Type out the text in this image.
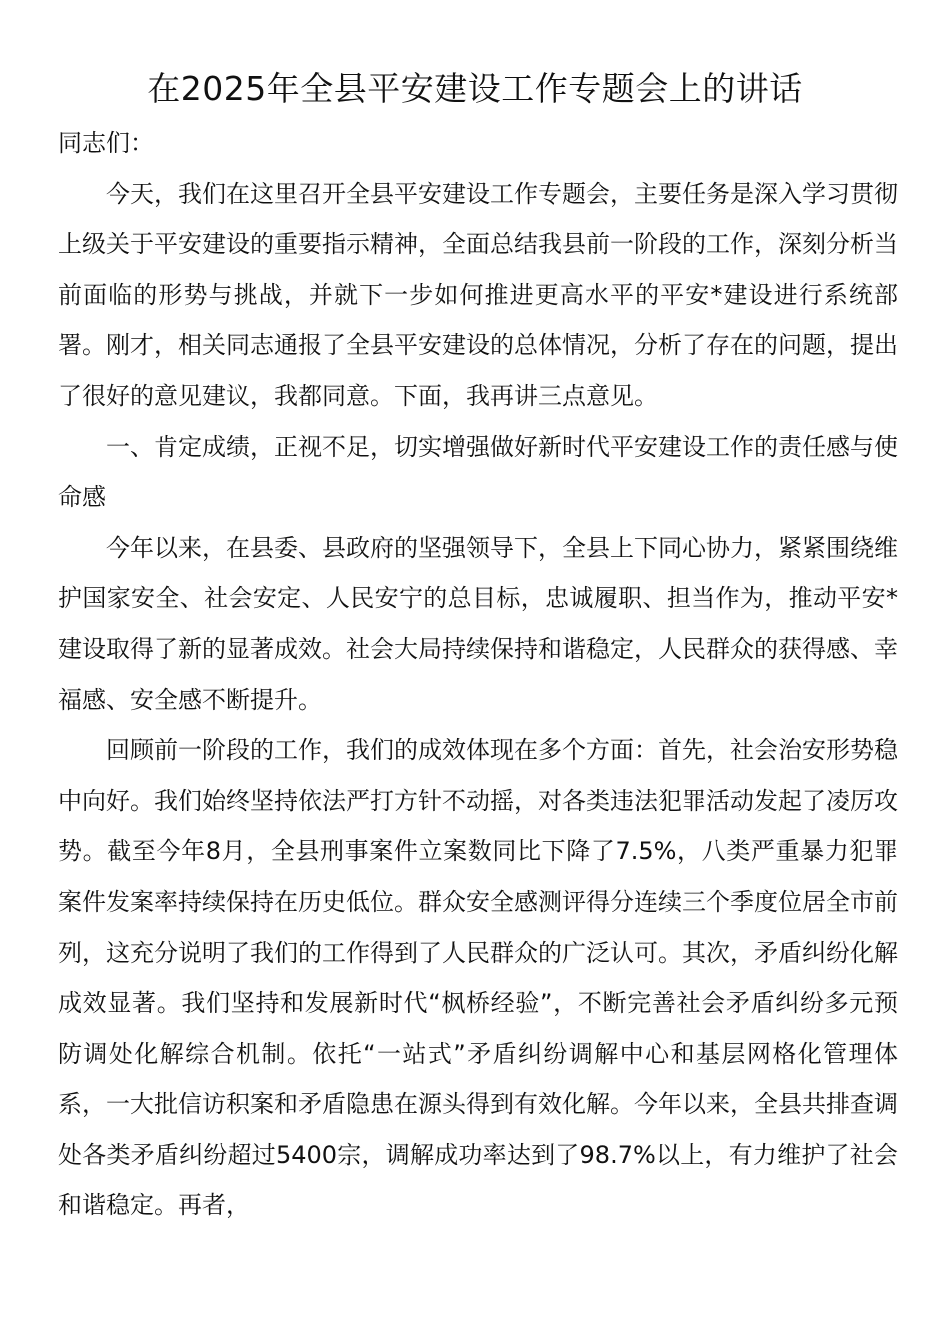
在2025年全县平安建设工作专题会上的讲话

同志们：

今天，我们在这里召开全县平安建设工作专题会，主要任务是深入学习贯彻上级关于平安建设的重要指示精神，全面总结我县前一阶段的工作，深刻分析当前面临的形势与挑战，并就下一步如何推进更高水平的平安*建设进行系统部署。刚才，相关同志通报了全县平安建设的总体情况，分析了存在的问题，提出了很好的意见建议，我都同意。下面，我再讲三点意见。

一、肯定成绩，正视不足，切实增强做好新时代平安建设工作的责任感与使命感

今年以来，在县委、县政府的坚强领导下，全县上下同心协力，紧紧围绕维护国家安全、社会安定、人民安宁的总目标，忠诚履职、担当作为，推动平安*建设取得了新的显著成效。社会大局持续保持和谐稳定，人民群众的获得感、幸福感、安全感不断提升。

回顾前一阶段的工作，我们的成效体现在多个方面：首先，社会治安形势稳中向好。我们始终坚持依法严打方针不动摇，对各类违法犯罪活动发起了凌厉攻势。截至今年8月，全县刑事案件立案数同比下降了7.5%，八类严重暴力犯罪案件发案率持续保持在历史低位。群众安全感测评得分连续三个季度位居全市前列，这充分说明了我们的工作得到了人民群众的广泛认可。其次，矛盾纠纷化解成效显著。我们坚持和发展新时代“枫桥经验”，不断完善社会矛盾纠纷多元预防调处化解综合机制。依托“一站式”矛盾纠纷调解中心和基层网格化管理体系，一大批信访积案和矛盾隐患在源头得到有效化解。今年以来，全县共排查调处各类矛盾纠纷超过5400宗，调解成功率达到了98.7%以上，有力维护了社会和谐稳定。再者，
